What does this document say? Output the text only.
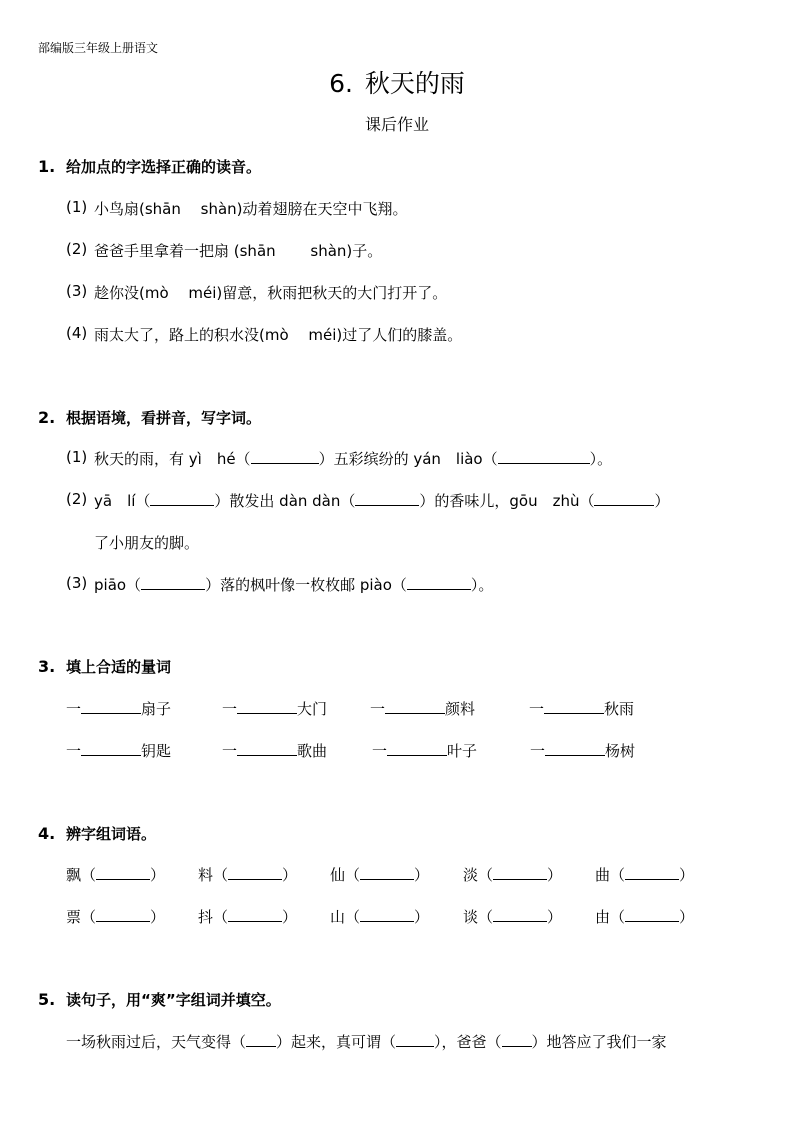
部编版三年级上册语文
6. 秋天的雨
课后作业
1. 给加点的字选择正确的读音。
(1) 小鸟扇(shān　 shàn)动着翅膀在天空中飞翔。
(2) 爸爸手里拿着一把扇 (shān　　 shàn)子。
(3) 趁你没(mò　 méi)留意，秋雨把秋天的大门打开了。
(4) 雨太大了，路上的积水没(mò　 méi)过了人们的膝盖。
2. 根据语境，看拼音，写字词。
(1) 秋天的雨，有 yì　hé（	）五彩缤纷的 yán　liào（	）。
(2) yā　lí（	）散发出 dàn dàn（	）的香味儿，gōu　zhù（	）
了小朋友的脚。
(3) piāo（	）落的枫叶像一枚枚邮 piào（	）。
3. 填上合适的量词
一	扇子	一	大门	一	颜料	一	秋雨
一	钥匙	一	歌曲	一	叶子	一	杨树
4. 辨字组词语。
飘（	） 料（	） 仙（	） 淡（	） 曲（	）
票（	） 抖（	） 山（	） 谈（	） 由（	）
5. 读句子，用“爽”字组词并填空。
一场秋雨过后，天气变得（ ）起来，真可谓（	），爸爸（ ）地答应了我们一家
